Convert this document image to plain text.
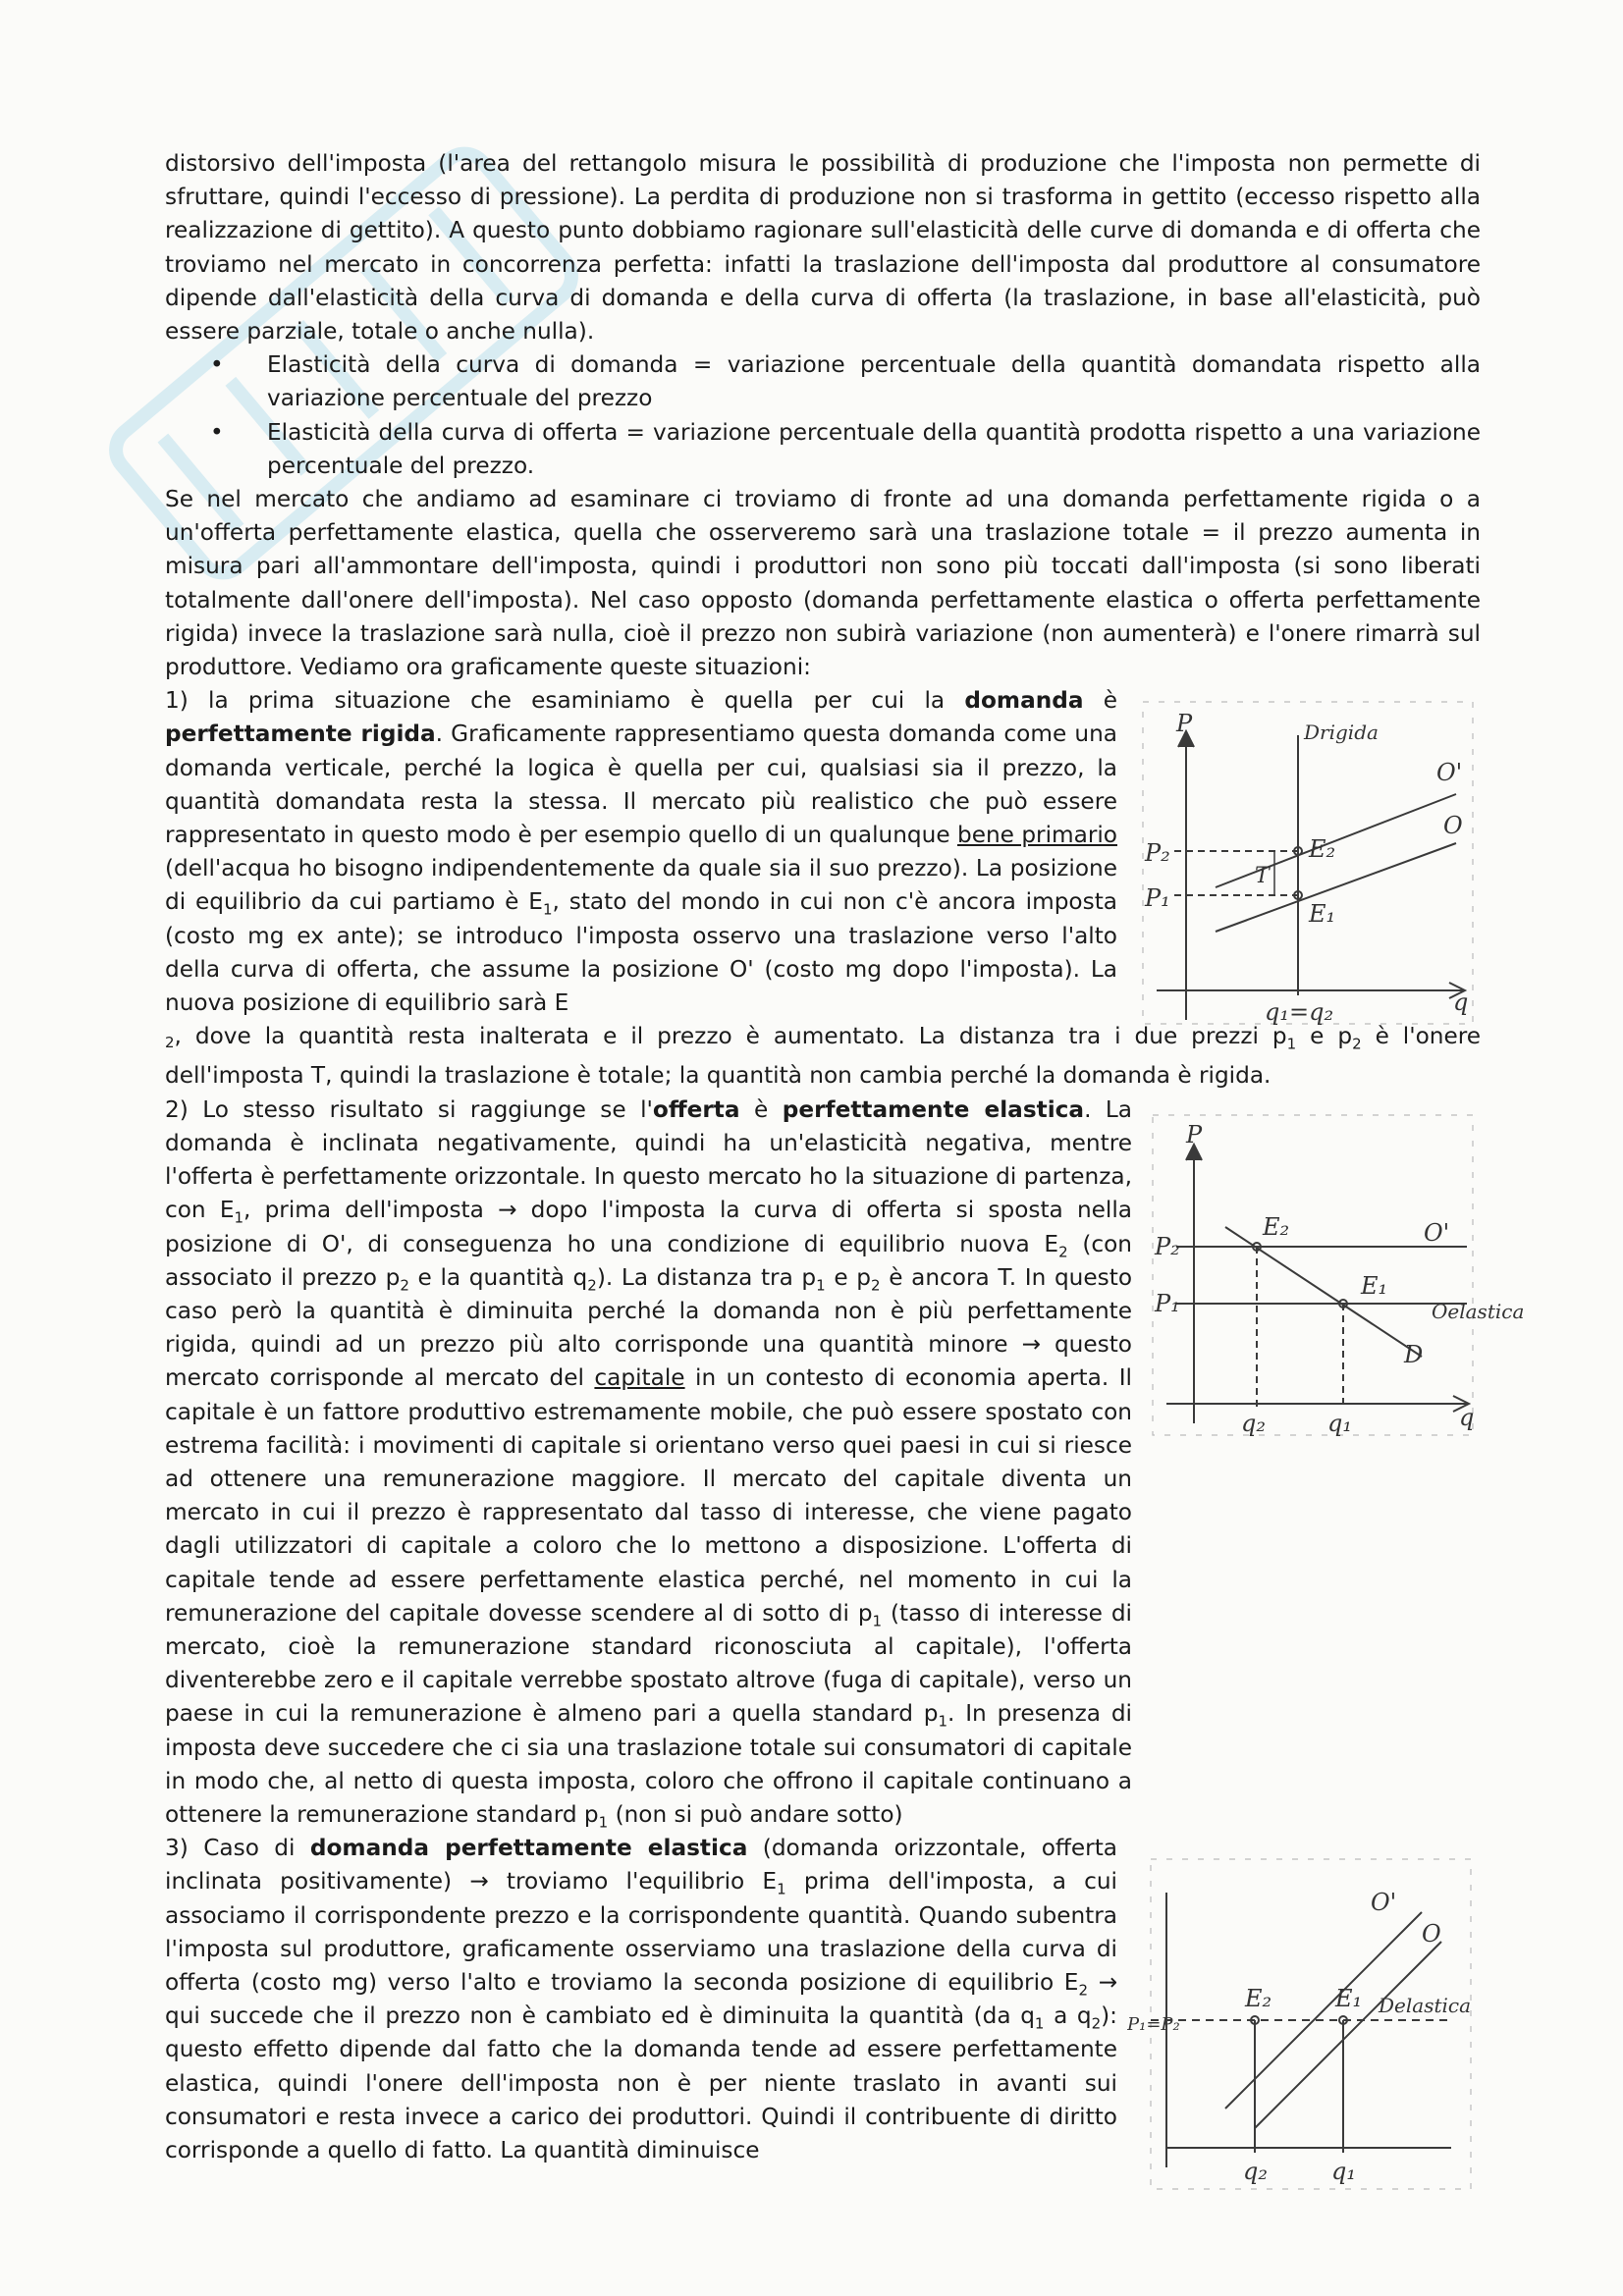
distorsivo dell'imposta (l'area del rettangolo misura le possibilità di produzione che l'imposta non permette di sfruttare, quindi l'eccesso di pressione). La perdita di produzione non si trasforma in gettito (eccesso rispetto alla realizzazione di gettito). A questo punto dobbiamo ragionare sull'elasticità delle curve di domanda e di offerta che troviamo nel mercato in concorrenza perfetta: infatti la traslazione dell'imposta dal produttore al consumatore dipende dall'elasticità della curva di domanda e della curva di offerta (la traslazione, in base all'elasticità, può essere parziale, totale o anche nulla).

• Elasticità della curva di domanda = variazione percentuale della quantità domandata rispetto alla variazione percentuale del prezzo
• Elasticità della curva di offerta = variazione percentuale della quantità prodotta rispetto a una variazione percentuale del prezzo.

Se nel mercato che andiamo ad esaminare ci troviamo di fronte ad una domanda perfettamente rigida o a un'offerta perfettamente elastica, quella che osserveremo sarà una traslazione totale = il prezzo aumenta in misura pari all'ammontare dell'imposta, quindi i produttori non sono più toccati dall'imposta (si sono liberati totalmente dall'onere dell'imposta). Nel caso opposto (domanda perfettamente elastica o offerta perfettamente rigida) invece la traslazione sarà nulla, cioè il prezzo non subirà variazione (non aumenterà) e l'onere rimarrà sul produttore. Vediamo ora graficamente queste situazioni:

P
P₂
P₁
Drigida
O'
O
T
E₂
E₁
q
q₁=q₂

1) la prima situazione che esaminiamo è quella per cui la domanda è perfettamente rigida. Graficamente rappresentiamo questa domanda come una domanda verticale, perché la logica è quella per cui, qualsiasi sia il prezzo, la quantità domandata resta la stessa. Il mercato più realistico che può essere rappresentato in questo modo è per esempio quello di un qualunque bene primario (dell'acqua ho bisogno indipendentemente da quale sia il suo prezzo). La posizione di equilibrio da cui partiamo è $E_1$, stato del mondo in cui non c'è ancora imposta (costo mg ex ante); se introduco l'imposta osservo una traslazione verso l'alto della curva di offerta, che assume la posizione O' (costo mg dopo l'imposta). La nuova posizione di equilibrio sarà E

2, dove la quantità resta inalterata e il prezzo è aumentato. La distanza tra i due prezzi $p_1$ e $p_2$ è l'onere dell'imposta T, quindi la traslazione è totale; la quantità non cambia perché la domanda è rigida.

P
P₂
P₁
E₂
E₁
O'
D
q₂	q₁	q
Oelastica

2) Lo stesso risultato si raggiunge se l'offerta è perfettamente elastica. La domanda è inclinata negativamente, quindi ha un'elasticità negativa, mentre l'offerta è perfettamente orizzontale. In questo mercato ho la situazione di partenza, con $E_1$, prima dell'imposta → dopo l'imposta la curva di offerta si sposta nella posizione di O', di conseguenza ho una condizione di equilibrio nuova $E_2$ (con associato il prezzo $p_2$ e la quantità $q_2$). La distanza tra $p_1$ e $p_2$ è ancora T. In questo caso però la quantità è diminuita perché la domanda non è più perfettamente rigida, quindi ad un prezzo più alto corrisponde una quantità minore → questo mercato corrisponde al mercato del capitale in un contesto di economia aperta. Il capitale è un fattore produttivo estremamente mobile, che può essere spostato con estrema facilità: i movimenti di capitale si orientano verso quei paesi in cui si riesce ad ottenere una remunerazione maggiore. Il mercato del capitale diventa un mercato in cui il prezzo è rappresentato dal tasso di interesse, che viene pagato dagli utilizzatori di capitale a coloro che lo mettono a disposizione. L'offerta di capitale tende ad essere perfettamente elastica perché, nel momento in cui la remunerazione del capitale dovesse scendere al di sotto di $p_1$ (tasso di interesse di mercato, cioè la remunerazione standard riconosciuta al capitale), l'offerta diventerebbe zero e il capitale verrebbe spostato altrove (fuga di capitale), verso un paese in cui la remunerazione è almeno pari a quella standard $p_1$. In presenza di imposta deve succedere che ci sia una traslazione totale sui consumatori di capitale in modo che, al netto di questa imposta, coloro che offrono il capitale continuano a ottenere la remunerazione standard $p_1$ (non si può andare sotto)

O'
O
E₂	E₁
P₁=P₂
Delastica
q₂	q₁

3) Caso di domanda perfettamente elastica (domanda orizzontale, offerta inclinata positivamente) → troviamo l'equilibrio $E_1$ prima dell'imposta, a cui associamo il corrispondente prezzo e la corrispondente quantità. Quando subentra l'imposta sul produttore, graficamente osserviamo una traslazione della curva di offerta (costo mg) verso l'alto e troviamo la seconda posizione di equilibrio $E_2$ → qui succede che il prezzo non è cambiato ed è diminuita la quantità (da $q_1$ a $q_2$): questo effetto dipende dal fatto che la domanda tende ad essere perfettamente elastica, quindi l'onere dell'imposta non è per niente traslato in avanti sui consumatori e resta invece a carico dei produttori. Quindi il contribuente di diritto corrisponde a quello di fatto. La quantità diminuisce
